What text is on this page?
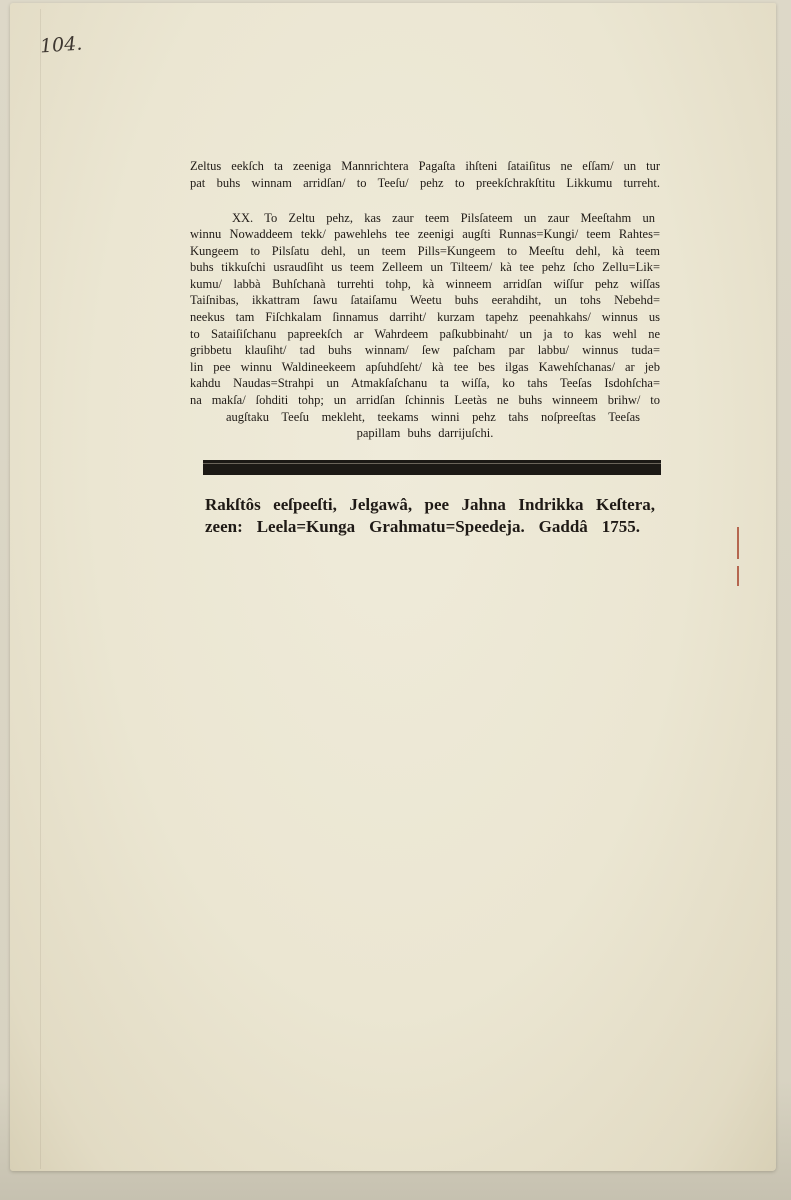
104.
Zeltus eekſch ta zeeniga Mannrichtera Pagaſta ihſteni ſataiſitus ne eſſam/ un tur
pat buhs winnam arridſan/ to Teeſu/ pehz to preekſchrakſtitu Likkumu turreht.
XX. To Zeltu pehz, kas zaur teem Pilsſateem un zaur Meeſtahm un
winnu Nowaddeem tekk/ pawehlehs tee zeenigi augſti Runnas=Kungi/ teem Rahtes=
Kungeem to Pilsſatu dehl, un teem Pills=Kungeem to Meeſtu dehl, kà teem
buhs tikkuſchi usraudſiht us teem Zelleem un Tilteem/ kà tee pehz ſcho Zellu=Lik=
kumu/ labbà Buhſchanà turrehti tohp, kà winneem arridſan wiſſur pehz wiſſas
Taiſnibas, ikkattram ſawu ſataiſamu Weetu buhs eerahdiht, un tohs Nebehd=
neekus tam Fiſchkalam ſinnamus darriht/ kurzam tapehz peenahkahs/ winnus us
to Sataiſiſchanu papreekſch ar Wahrdeem paſkubbinaht/ un ja to kas wehl ne
gribbetu klauſiht/ tad buhs winnam/ ſew paſcham par labbu/ winnus tuda=
lin pee winnu Waldineekeem apſuhdſeht/ kà tee bes ilgas Kawehſchanas/ ar jeb
kahdu Naudas=Strahpi un Atmakſaſchanu ta wiſſa, ko tahs Teeſas Isdohſcha=
na makſa/ ſohditi tohp; un arridſan ſchinnis Leetàs ne buhs winneem brihw/ to
augſtaku Teeſu mekleht, teekams winni pehz tahs noſpreeſtas Teeſas
papillam buhs darrijuſchi.
Rakſtôs eeſpeeſti, Jelgawâ, pee Jahna Indrikka Keſtera,
zeen: Leela=Kunga Grahmatu=Speedeja. Gaddâ 1755.
